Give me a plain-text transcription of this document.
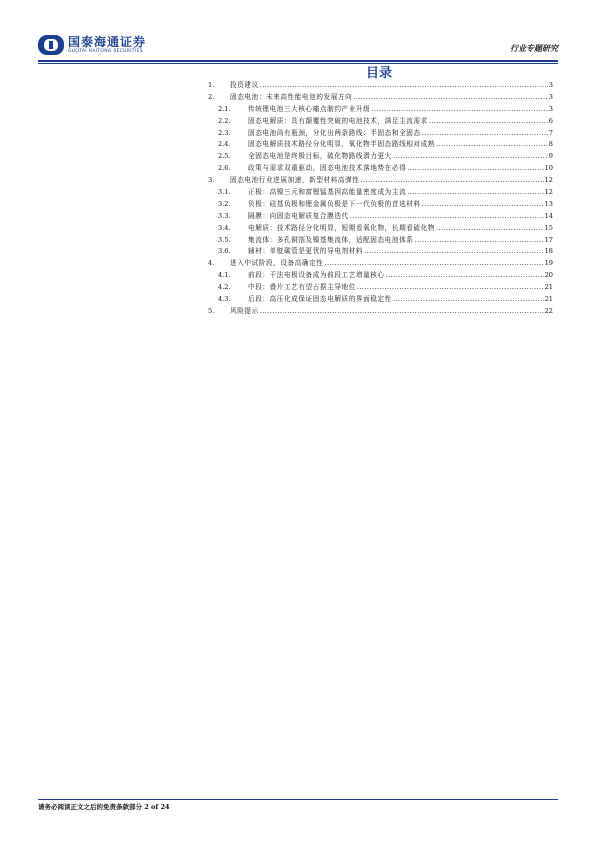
国泰海通证券
GUOTAI HAITONG SECURITIES	行业专题研究
目录
1.	投资建议 .....	3
2.	固态电池：未来高性能电池的发展方向 .....	3
2.1.	传统锂电池三大核心痛点制约产业升级 .....	3
2.2.	固态电解质：具有颠覆性突破的电池技术，满足主流需求 .....	6
2.3.	固态电池尚有瓶颈，分化出两条路线：半固态和全固态 .....	7
2.4.	固态电解质技术路径分化明显，氧化物半固态路线相对成熟 .....	8
2.5.	全固态电池是终极目标，硫化物路线潜力更大 .....	9
2.6.	政策与需求双重驱动，固态电池技术落地势在必得 .....	10
3.	固态电池行业进展加速，新型材料高弹性 .....	12
3.1.	正极：高镍三元和富锂锰基因高能量密度成为主流 .....	12
3.2.	负极：硅基负极和锂金属负极是下一代负极的首选材料 .....	13
3.3.	隔膜：向固态电解质复合膜迭代 .....	14
3.4.	电解质：技术路径分化明显，短期看氧化物，长期看硫化物 .....	15
3.5.	集流体：多孔铜箔及镍基集流体，适配固态电池体系 .....	17
3.6.	辅材：单壁碳管是更优的导电剂材料 .....	18
4.	进入中试阶段，设备高确定性 .....	19
4.1.	前段：干法电极设备成为前段工艺增量核心 .....	20
4.2.	中段：叠片工艺有望占据主导地位 .....	21
4.3.	后段：高压化成保证固态电解质的界面稳定性 .....	21
5.	风险提示 .....	22
请务必阅读正文之后的免责条款部分 2 of 24
